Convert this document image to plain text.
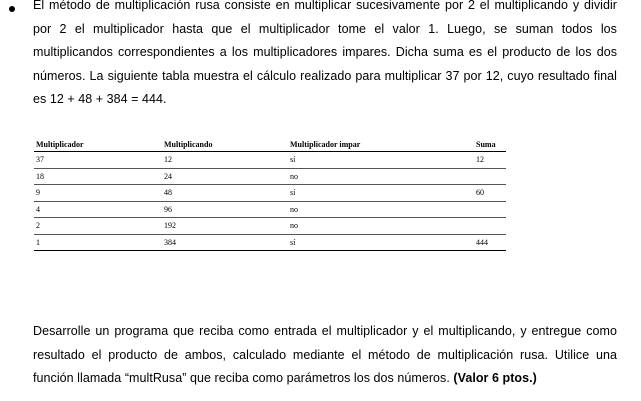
El método de multiplicación rusa consiste en multiplicar sucesivamente por 2 el multiplicando y dividir por 2 el multiplicador hasta que el multiplicador tome el valor 1. Luego, se suman todos los multiplicandos correspondientes a los multiplicadores impares. Dicha suma es el producto de los dos números. La siguiente tabla muestra el cálculo realizado para multiplicar 37 por 12, cuyo resultado final es 12 + 48 + 384 = 444.
Multiplicador	Multiplicando	Multiplicador impar	Suma
37	12	sí	12
18	24	no
9	48	sí	60
4	96	no
2	192	no
1	384	sí	444
Desarrolle un programa que reciba como entrada el multiplicador y el multiplicando, y entregue como resultado el producto de ambos, calculado mediante el método de multiplicación rusa. Utilice una función llamada “multRusa” que reciba como parámetros los dos números. (Valor 6 ptos.)
